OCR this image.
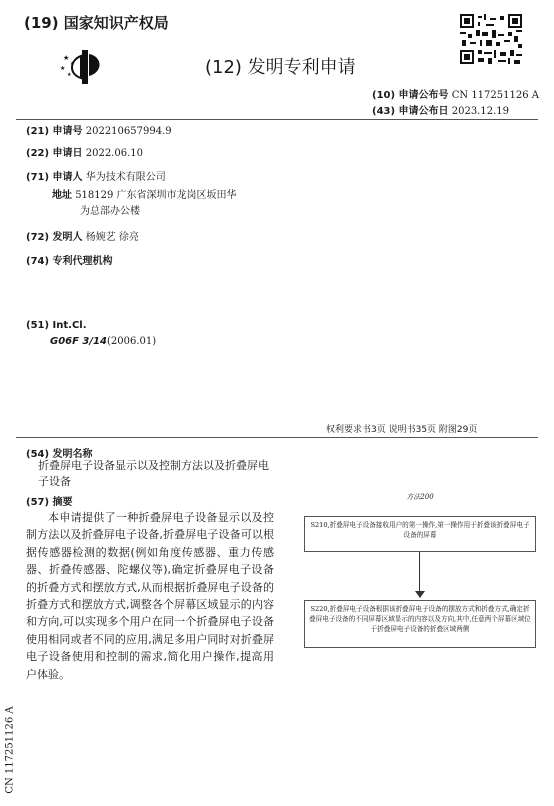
(19) 国家知识产权局
★
★
★
★	(12) 发明专利申请
(10) 申请公布号 CN 117251126 A
(43) 申请公布日 2023.12.19
(21) 申请号 202210657994.9
(22) 申请日 2022.06.10
(71) 申请人 华为技术有限公司
地址 518129 广东省深圳市龙岗区坂田华
为总部办公楼
(72) 发明人 杨婉艺 徐亮
(74) 专利代理机构
(51) Int.Cl.
G06F 3/14(2006.01)
权利要求书3页 说明书35页 附图29页
(54) 发明名称
折叠屏电子设备显示以及控制方法以及折叠屏电子设备
(57) 摘要
本申请提供了一种折叠屏电子设备显示以及控制方法以及折叠屏电子设备,折叠屏电子设备可以根据传感器检测的数据(例如角度传感器、重力传感器、折叠传感器、陀螺仪等),确定折叠屏电子设备的折叠方式和摆放方式,从而根据折叠屏电子设备的折叠方式和摆放方式,调整各个屏幕区域显示的内容和方向,可以实现多个用户在同一个折叠屏电子设备使用相同或者不同的应用,满足多用户同时对折叠屏电子设备使用和控制的需求,简化用户操作,提高用户体验。
方法200
S210,折叠屏电子设备接收用户的第一操作,第一操作用于折叠该折叠屏电子设备的屏幕
S220,折叠屏电子设备根据该折叠屏电子设备的摆放方式和折叠方式,确定折叠屏电子设备的不同屏幕区域显示的内容以及方向,其中,任意两个屏幕区域位于折叠屏电子设备的折叠区域两侧
CN 117251126 A
